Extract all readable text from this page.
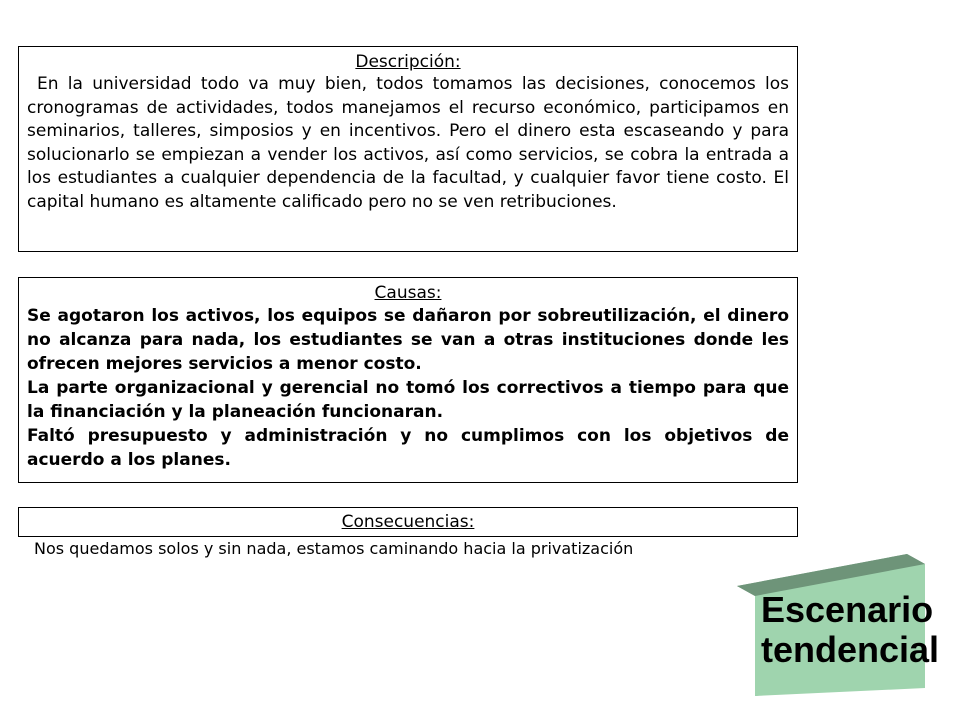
Descripción:

En la universidad todo va muy bien, todos tomamos las decisiones, conocemos los cronogramas de actividades, todos manejamos el recurso económico, participamos en seminarios, talleres, simposios y en incentivos. Pero el dinero esta escaseando y para solucionarlo se empiezan a vender los activos, así como servicios, se cobra la entrada a los estudiantes a cualquier dependencia de la facultad, y cualquier favor tiene costo. El capital humano es altamente calificado pero no se ven retribuciones.

Causas:

Se agotaron los activos, los equipos se dañaron por sobreutilización, el dinero no alcanza para nada, los estudiantes se van a otras instituciones donde les ofrecen mejores servicios a menor costo.

La parte organizacional y gerencial no tomó los correctivos a tiempo para que la financiación y la planeación funcionaran.

Faltó presupuesto y administración y no cumplimos con los objetivos de acuerdo a los planes.

Consecuencias:

Nos quedamos solos y sin nada, estamos caminando hacia la privatización

Escenario
tendencial
